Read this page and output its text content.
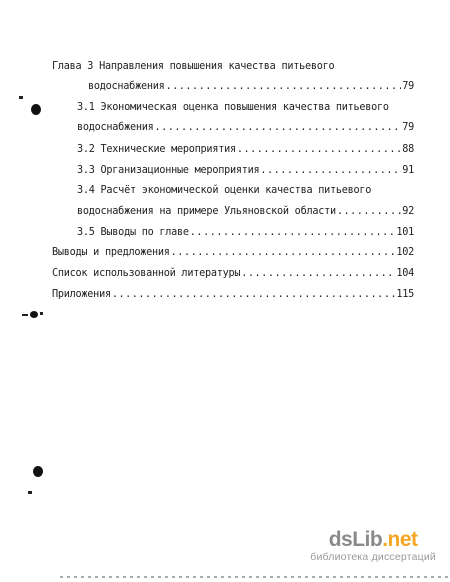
Глава 3 Направления повышения качества питьевого
водоснабжения .....	79
3.1 Экономическая оценка повышения качества питьевого
водоснабжения .....	79
3.2 Технические мероприятия .....	88
3.3 Организационные мероприятия .....	91
3.4 Расчёт экономической оценки качества питьевого
водоснабжения на примере Ульяновской области .....	92
3.5 Выводы по главе .....	101
Выводы и предложения .....	102
Список использованной литературы .....	104
Приложения .....	115
dsLib.net
библиотека диссертаций
